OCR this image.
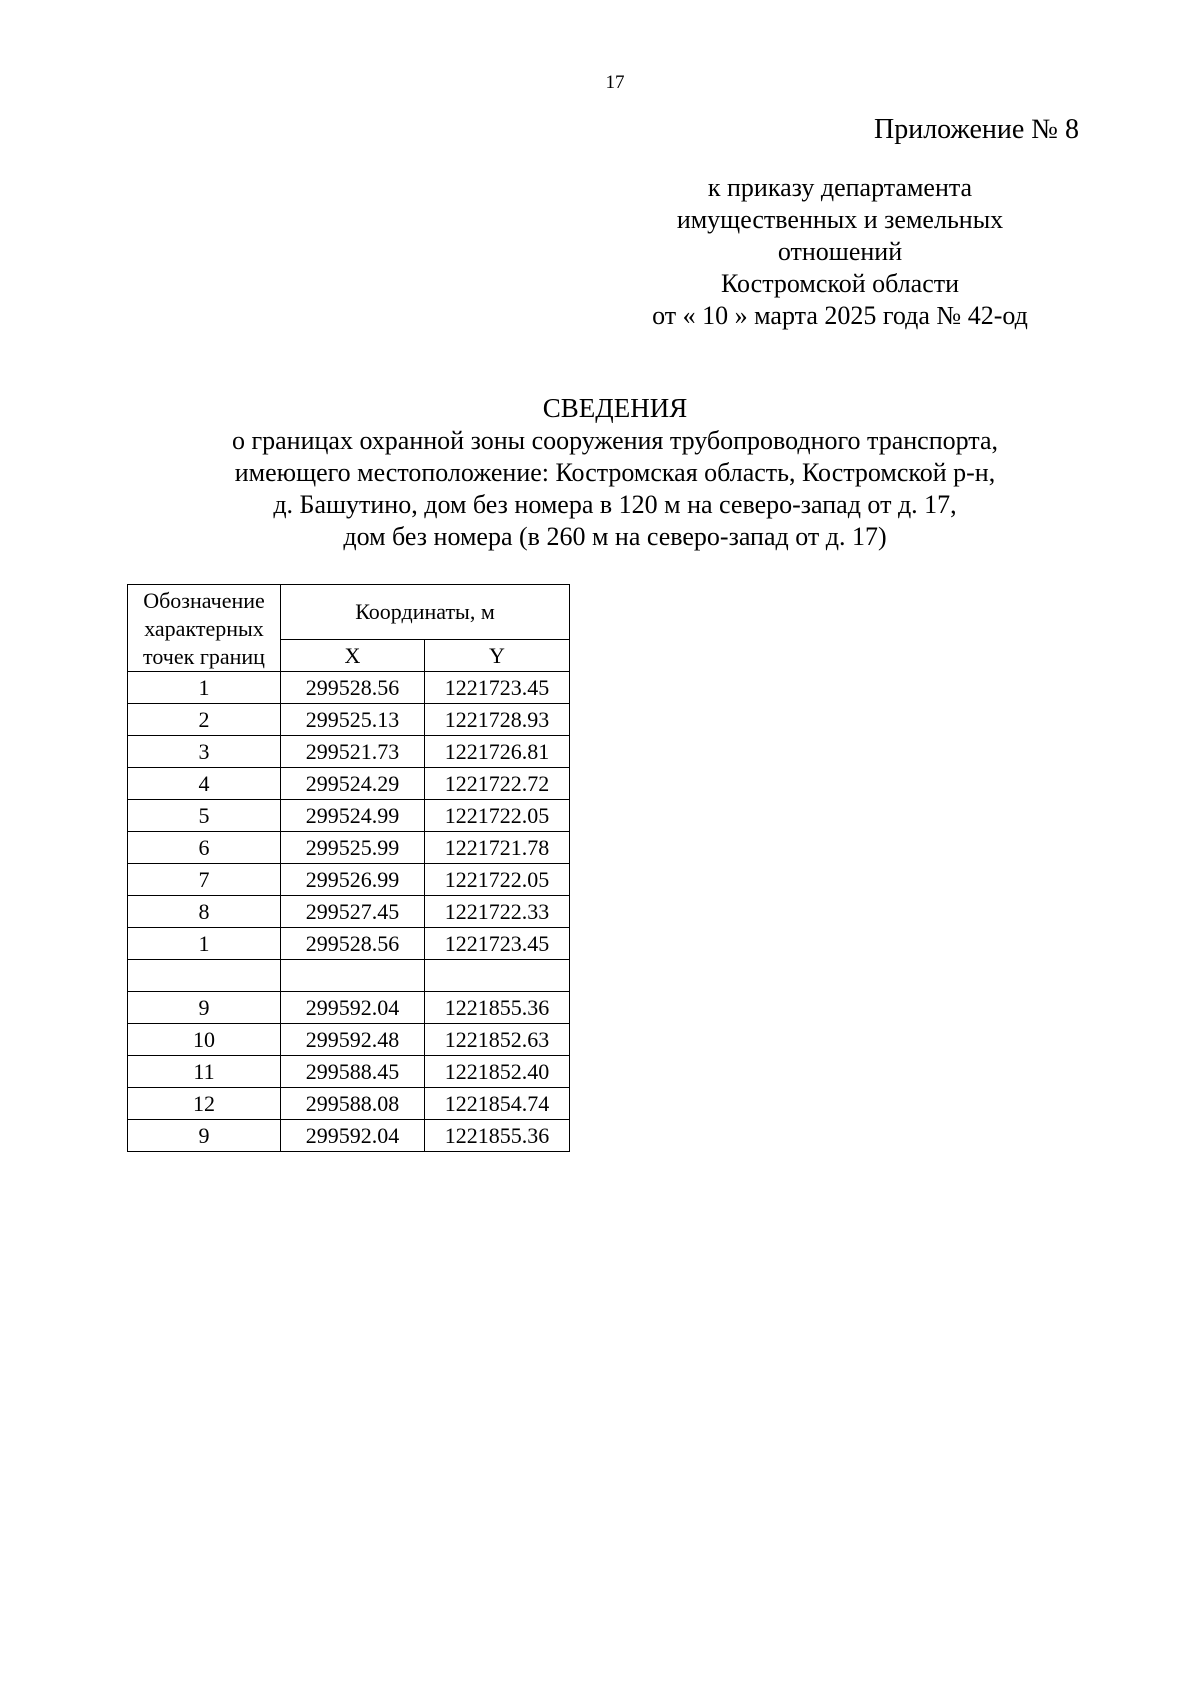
17
Приложение № 8
к приказу департамента
имущественных и земельных
отношений
Костромской области
от « 10 » марта 2025 года № 42-од
СВЕДЕНИЯ
о границах охранной зоны сооружения трубопроводного транспорта,
имеющего местоположение: Костромская область, Костромской р-н,
д. Башутино, дом без номера в 120 м на северо-запад от д. 17,
дом без номера (в 260 м на северо-запад от д. 17)
Обозначение
характерных
точек границ	Координаты, м	
	X	Y
1	299528.56	1221723.45
2	299525.13	1221728.93
3	299521.73	1221726.81
4	299524.29	1221722.72
5	299524.99	1221722.05
6	299525.99	1221721.78
7	299526.99	1221722.05
8	299527.45	1221722.33
1	299528.56	1221723.45

9	299592.04	1221855.36
10	299592.48	1221852.63
11	299588.45	1221852.40
12	299588.08	1221854.74
9	299592.04	1221855.36
